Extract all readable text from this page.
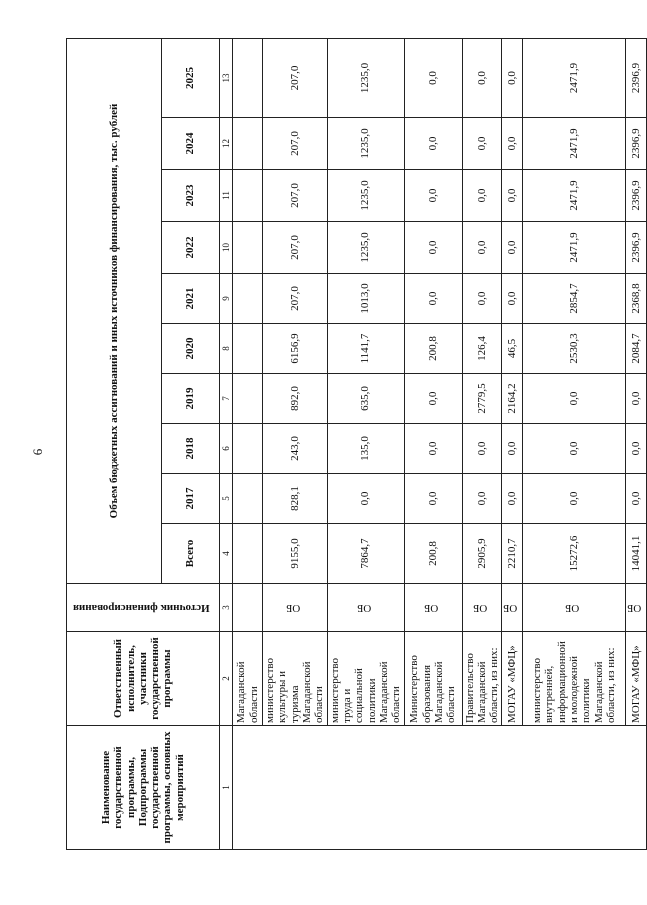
6
Наименование государственной программы, Подпрограммы государственной программы, основных мероприятий	Ответственный исполнитель, участники государственной программы	Источник финансирования	Объем бюджетных ассигнований и иных источников финансирования, тыс. рублей									
			Всего	2017	2018	2019	2020	2021	2022	2023	2024	2025
1	2	3	4	5	6	7	8	9	10	11	12	13
	Магаданской области											
	министерство культуры и туризма Магаданской области	ОБ	9155,0	828,1	243,0	892,0	6156,9	207,0	207,0	207,0	207,0	207,0
	министерство труда и социальной политики Магаданской области	ОБ	7864,7	0,0	135,0	635,0	1141,7	1013,0	1235,0	1235,0	1235,0	1235,0
	Министерство образования Магаданской области	ОБ	200,8	0,0	0,0	0,0	200,8	0,0	0,0	0,0	0,0	0,0
	Правительство Магаданской области, из них:	ОБ	2905,9	0,0	0,0	2779,5	126,4	0,0	0,0	0,0	0,0	0,0
	МОГАУ «МФЦ»	ОБ	2210,7	0,0	0,0	2164,2	46,5	0,0	0,0	0,0	0,0	0,0
	министерство внутренней, информационной и молодежной политики Магаданской области, из них:	ОБ	15272,6	0,0	0,0	0,0	2530,3	2854,7	2471,9	2471,9	2471,9	2471,9
	МОГАУ «МФЦ»	ОБ	14041,1	0,0	0,0	0,0	2084,7	2368,8	2396,9	2396,9	2396,9	2396,9
